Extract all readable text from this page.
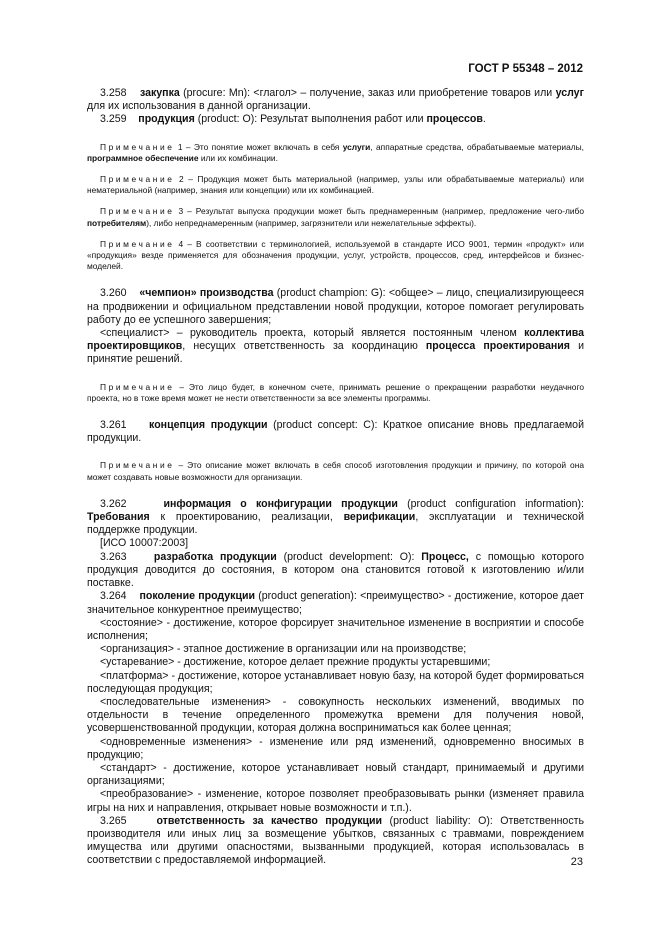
ГОСТ Р 55348 – 2012

3.258 закупка (procure: Mn): <глагол> – получение, заказ или приобретение товаров или услуг для их использования в данной организации.

3.259 продукция (product: O): Результат выполнения работ или процессов.

Примечание 1 – Это понятие может включать в себя услуги, аппаратные средства, обрабатываемые материалы, программное обеспечение или их комбинации.

Примечание 2 – Продукция может быть материальной (например, узлы или обрабатываемые материалы) или нематериальной (например, знания или концепции) или их комбинацией.

Примечание 3 – Результат выпуска продукции может быть преднамеренным (например, предложение чего-либо потребителям), либо непреднамеренным (например, загрязнители или нежелательные эффекты).

Примечание 4 – В соответствии с терминологией, используемой в стандарте ИСО 9001, термин «продукт» или «продукция» везде применяется для обозначения продукции, услуг, устройств, процессов, сред, интерфейсов и бизнес-моделей.

3.260 «чемпион» производства (product champion: G): <общее> – лицо, специализирующееся на продвижении и официальном представлении новой продукции, которое помогает регулировать работу до ее успешного завершения;

<специалист> – руководитель проекта, который является постоянным членом коллектива проектировщиков, несущих ответственность за координацию процесса проектирования и принятие решений.

Примечание – Это лицо будет, в конечном счете, принимать решение о прекращении разработки неудачного проекта, но в тоже время может не нести ответственности за все элементы программы.

3.261 концепция продукции (product concept: C): Краткое описание вновь предлагаемой продукции.

Примечание – Это описание может включать в себя способ изготовления продукции и причину, по которой она может создавать новые возможности для организации.

3.262	информация о конфигурации продукции (product configuration information): Требования к проектированию, реализации, верификации, эксплуатации и технической поддержке продукции.

[ИСО 10007:2003]

3.263	разработка продукции (product development: O): Процесс, с помощью которого продукция доводится до состояния, в котором она становится готовой к изготовлению и/или поставке.

3.264 поколение продукции (product generation): <преимущество> - достижение, которое дает значительное конкурентное преимущество;

<состояние> - достижение, которое форсирует значительное изменение в восприятии и способе исполнения;

<организация> - этапное достижение в организации или на производстве;

<устаревание> - достижение, которое делает прежние продукты устаревшими;

<платформа> - достижение, которое устанавливает новую базу, на которой будет формироваться последующая продукция;

<последовательные изменения> - совокупность нескольких изменений, вводимых по отдельности в течение определенного промежутка времени для получения новой, усовершенствованной продукции, которая должна восприниматься как более ценная;

<одновременные изменения> - изменение или ряд изменений, одновременно вносимых в продукцию;

<стандарт> - достижение, которое устанавливает новый стандарт, принимаемый и другими организациями;

<преобразование> - изменение, которое позволяет преобразовывать рынки (изменяет правила игры на них и направления, открывает новые возможности и т.п.).

3.265	ответственность за качество продукции (product liability: O): Ответственность производителя или иных лиц за возмещение убытков, связанных с травмами, повреждением имущества или другими опасностями, вызванными продукцией, которая использовалась в соответствии с предоставляемой информацией.	23
